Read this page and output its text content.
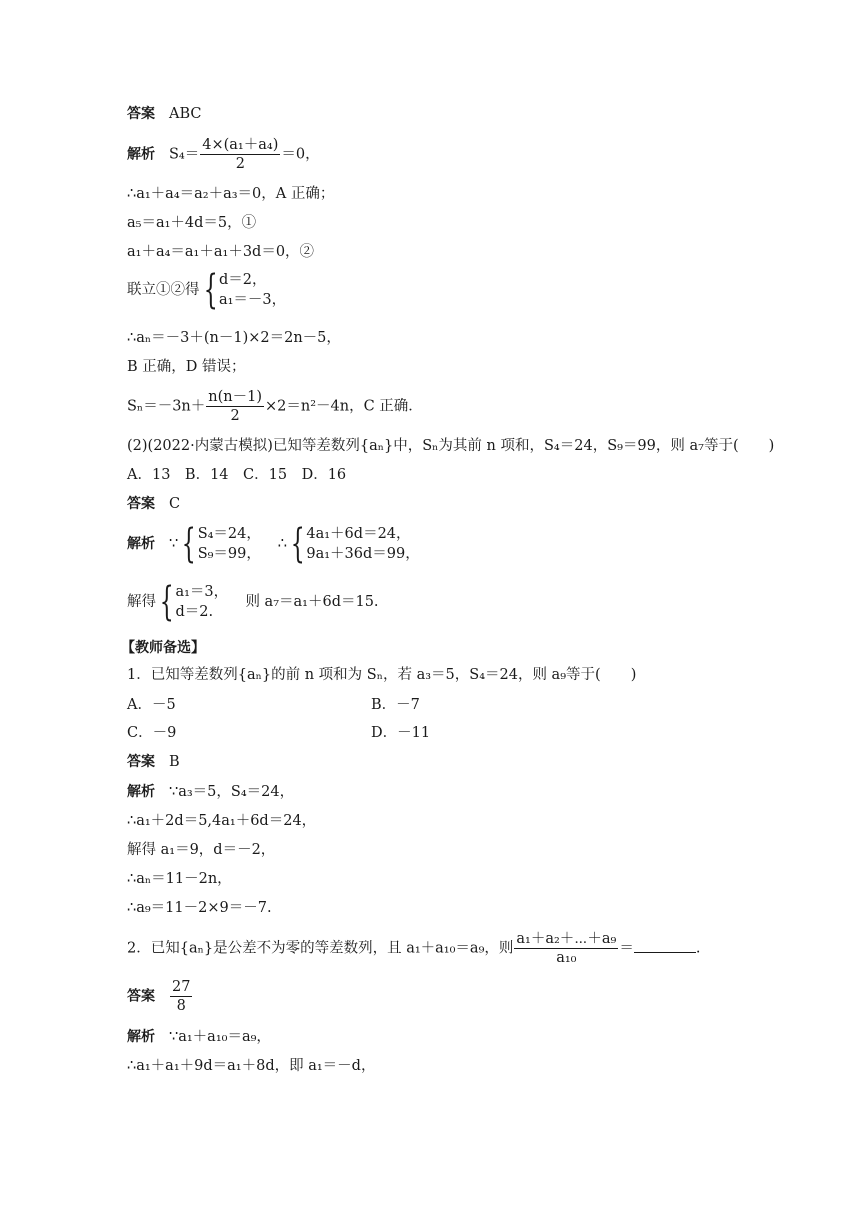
答案 ABC
解析 $S_4= \frac{\text{4×(a₁＋a₄)}}{2} =0$，
∴a₁＋a₄＝a₂＋a₃＝0，A 正确；
a₅＝a₁＋4d＝5，①
a₁＋a₄＝a₁＋a₁＋3d＝0，②
联立①②得 { d＝2，
a₁＝－3，
∴aₙ＝－3＋(n－1)×2＝2n－5，
B 正确，D 错误；
$S_n=-3n+ \frac{n(n-1)}{2} \times 2=n^2-4n$，C 正确．
(2)(2022·内蒙古模拟)已知等差数列{aₙ}中，Sₙ为其前 n 项和，S₄＝24，S₉＝99，则 a₇等于( )
A．13　B．14　C．15　D．16
答案 C
解析 ∵ { S₄＝24，
S₉＝99，
∴ { 4a₁＋6d＝24，
9a₁＋36d＝99，
解得 { a₁＝3，
d＝2.
则 a₇＝a₁＋6d＝15.
【教师备选】
1．已知等差数列{aₙ}的前 n 项和为 Sₙ，若 a₃＝5，S₄＝24，则 a₉等于( )
A．－5	B．－7
C．－9	D．－11
答案 B
解析 ∵a₃＝5，S₄＝24，
∴a₁＋2d＝5,4a₁＋6d＝24，
解得 a₁＝9，d＝－2，
∴aₙ＝11－2n，
∴a₉＝11－2×9＝－7.
2．已知{aₙ}是公差不为零的等差数列，且 a₁＋a₁₀＝a₉，则 $\frac{\text{a₁＋a₂＋⋯＋a₉}}{\text{a₁₀}}$ ＝	.
答案 $\frac{27}{8}$
解析 ∵a₁＋a₁₀＝a₉，
∴a₁＋a₁＋9d＝a₁＋8d，即 a₁＝－d，
